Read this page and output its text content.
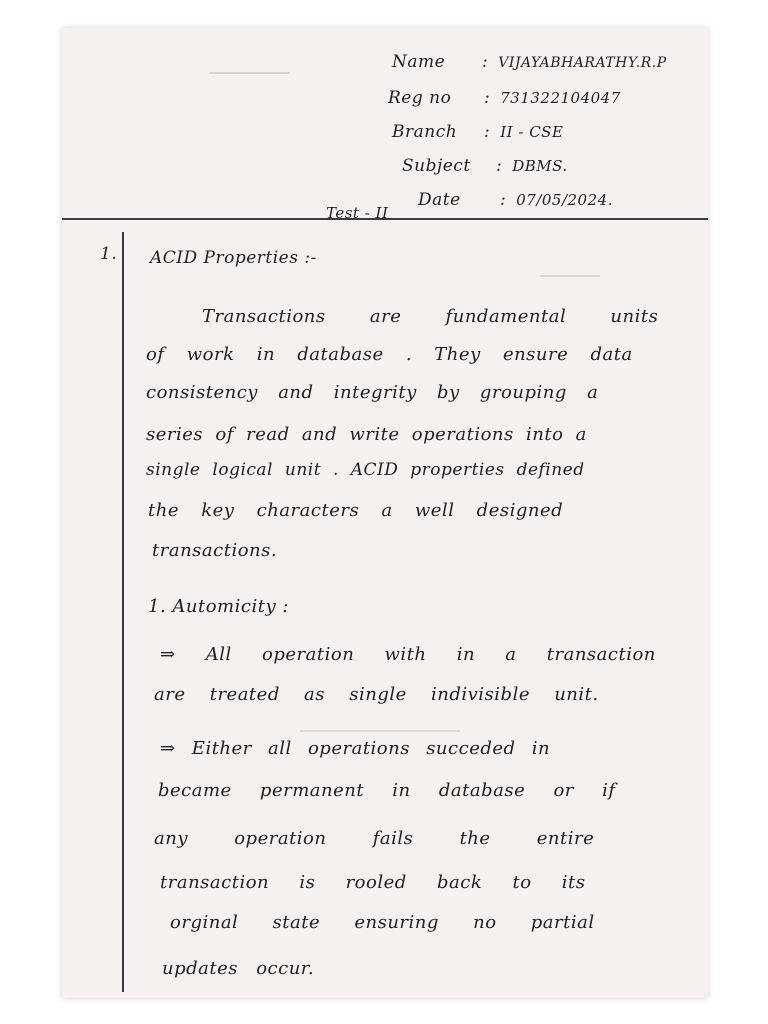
Name : VIJAYABHARATHY.R.P
Reg no : 731322104047
Branch : II - CSE
Subject : DBMS.
Date : 07/05/2024.
Test - II
1. ACID Properties :-
Transactions are fundamental units
of work in database . They ensure data
consistency and integrity by grouping a
series of read and write operations into a
single logical unit . ACID properties defined
the key characters a well designed
transactions.
1. Automicity :
⇒ All operation with in a transaction
are treated as single indivisible unit.
⇒ Either all operations succeded in
became permanent in database or if
any operation fails the entire
transaction is rooled back to its
orginal state ensuring no partial
updates occur.
